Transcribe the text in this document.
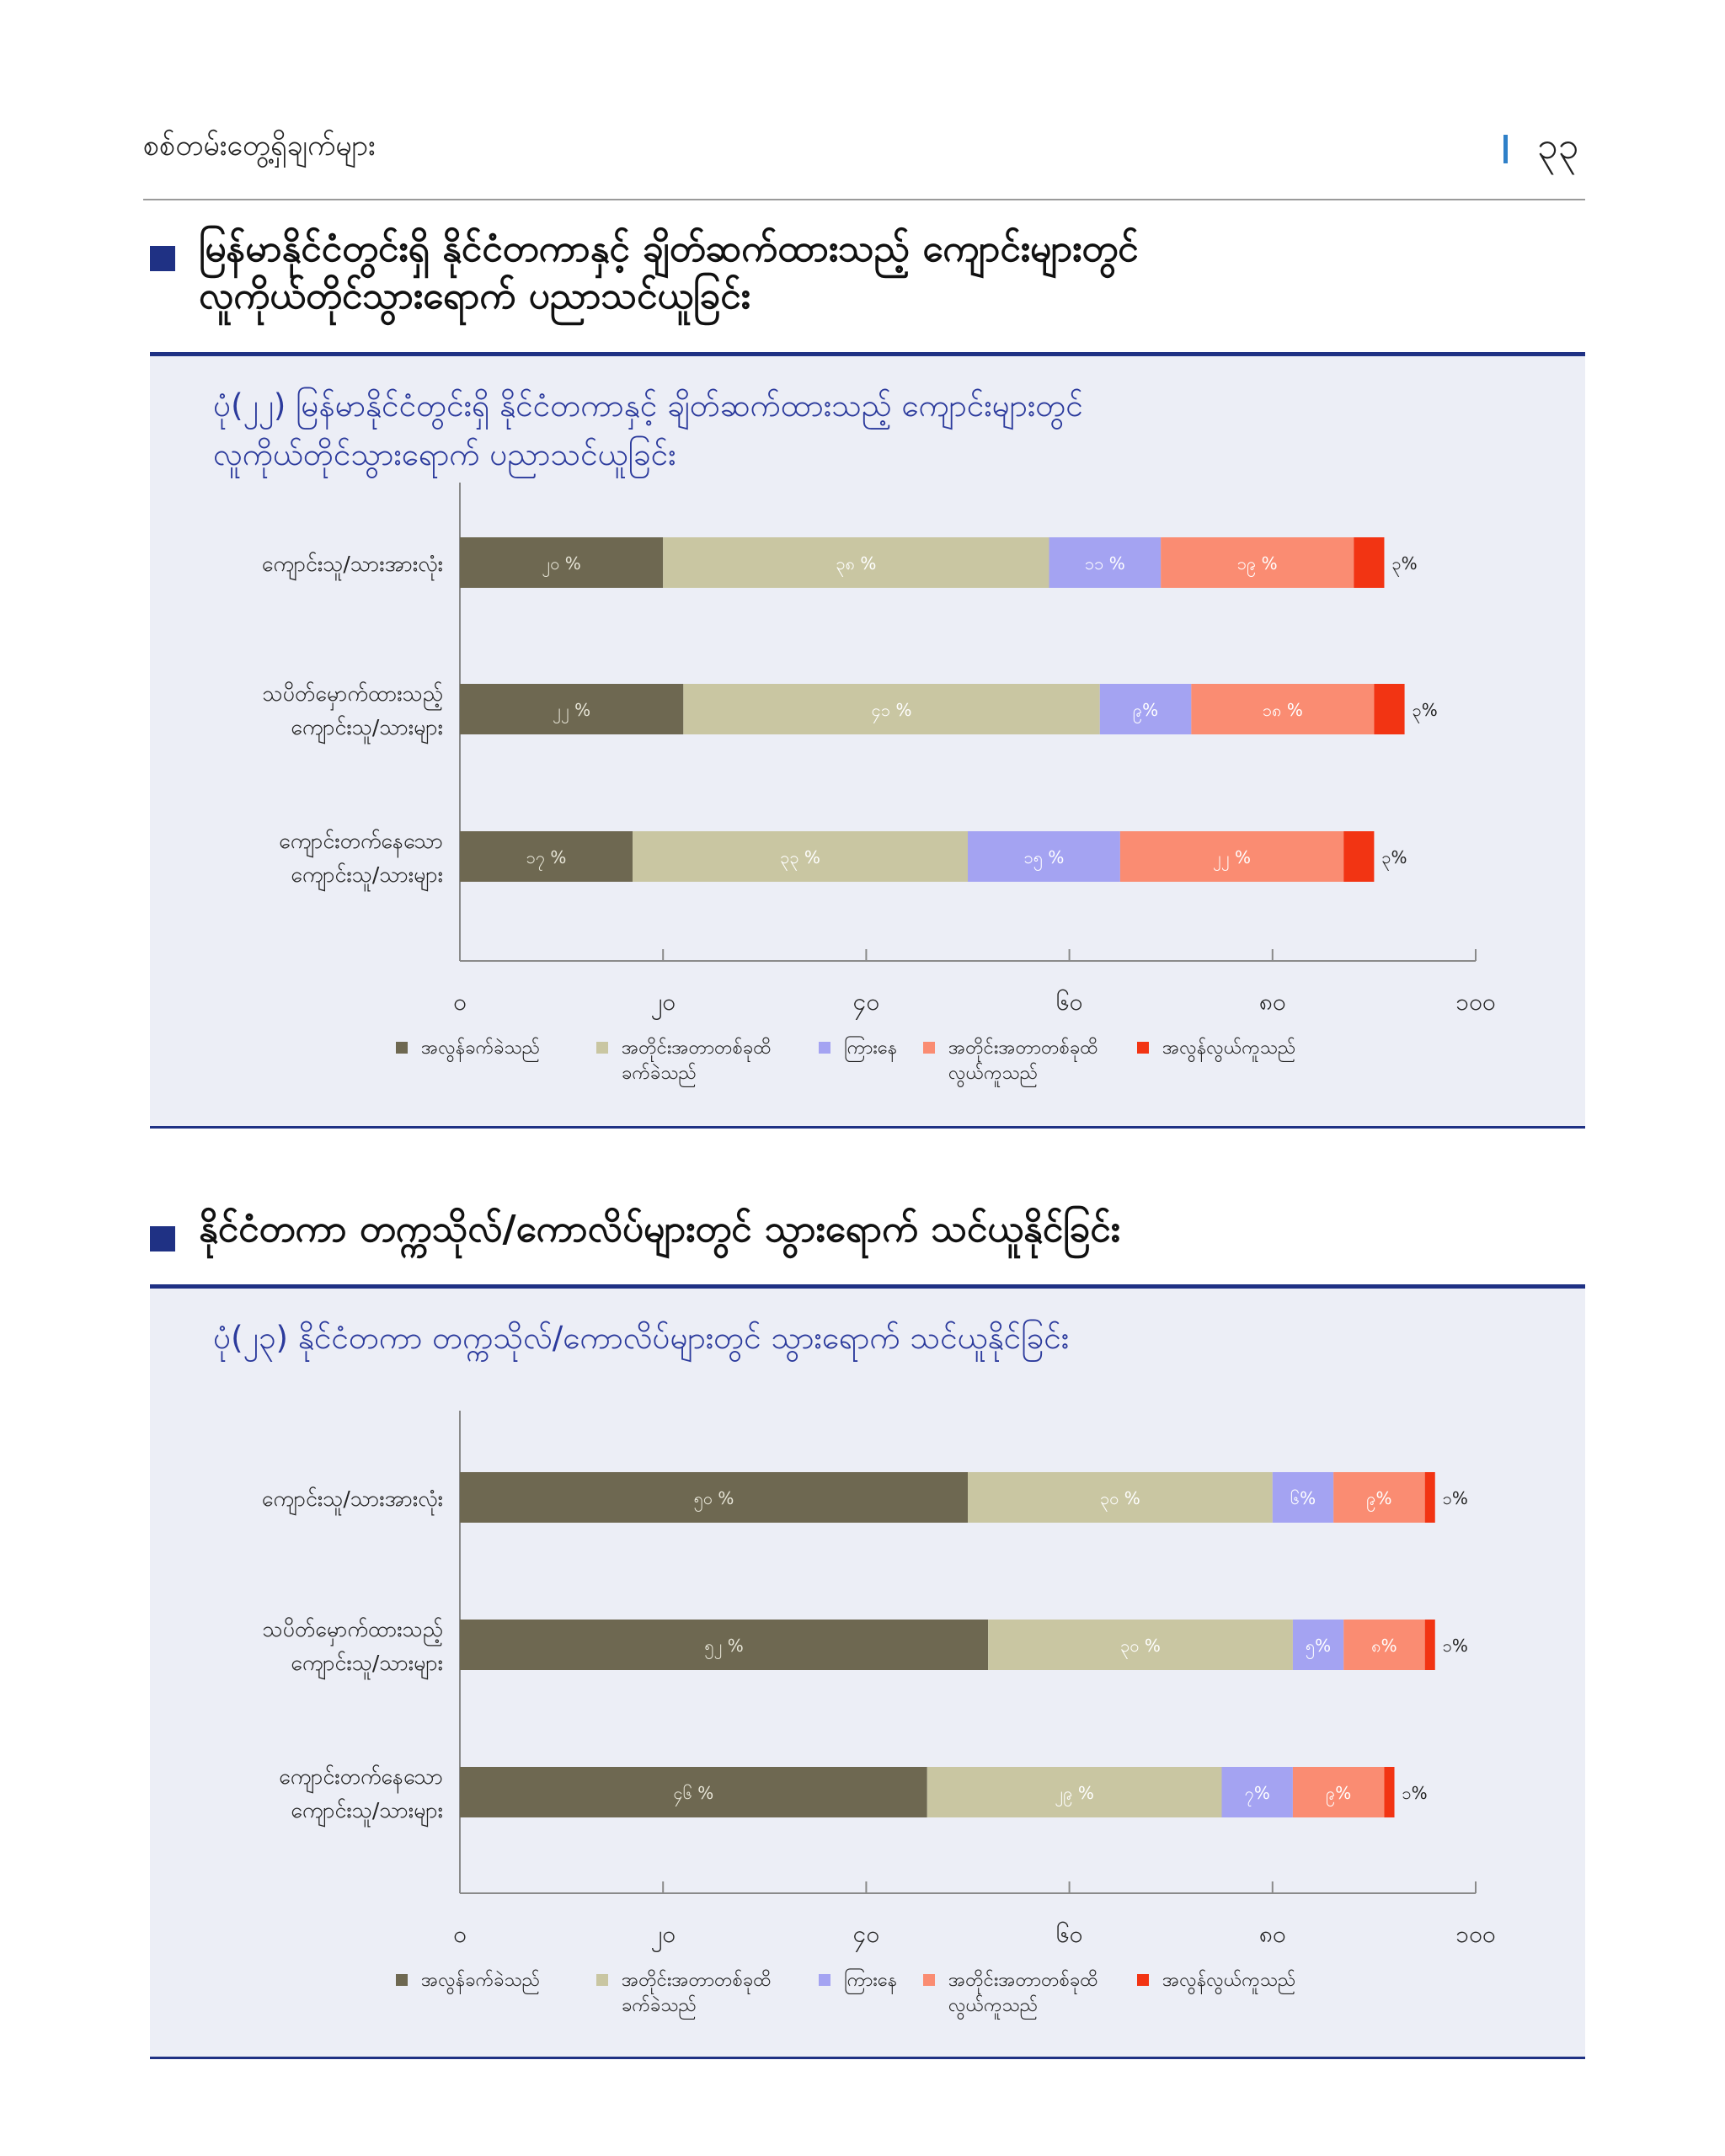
စစ်တမ်းတွေ့ရှိချက်များ	၃၃
မြန်မာနိုင်ငံတွင်းရှိ နိုင်ငံတကာနှင့် ချိတ်ဆက်ထားသည့် ကျောင်းများတွင်
လူကိုယ်တိုင်သွားရောက် ပညာသင်ယူခြင်း
ပုံ(၂၂) မြန်မာနိုင်ငံတွင်းရှိ နိုင်ငံတကာနှင့် ချိတ်ဆက်ထားသည့် ကျောင်းများတွင်
လူကိုယ်တိုင်သွားရောက် ပညာသင်ယူခြင်း
၀	၂၀	၄၀	၆၀	၈၀	၁၀၀
ကျောင်းသူ/သားအားလုံး	၂၀ %	၃၈ %	၁၁ %	၁၉ %	၃%
သပိတ်မှောက်ထားသည့်
ကျောင်းသူ/သားများ
၂၂ %	၄၁ %	၉%	၁၈ %	၃%
ကျောင်းတက်နေသော
ကျောင်းသူ/သားများ
၁၇ %	၃၃ %	၁၅ %	၂၂ %	၃%
အလွန်ခက်ခဲသည်	အတိုင်းအတာတစ်ခုထိ
ခက်ခဲသည်
ကြားနေ	အတိုင်းအတာတစ်ခုထိ
လွယ်ကူသည်
အလွန်လွယ်ကူသည်
နိုင်ငံတကာ တက္ကသိုလ်/ကောလိပ်များတွင် သွားရောက် သင်ယူနိုင်ခြင်း
ပုံ(၂၃) နိုင်ငံတကာ တက္ကသိုလ်/ကောလိပ်များတွင် သွားရောက် သင်ယူနိုင်ခြင်း
၀	၂၀	၄၀	၆၀	၈၀	၁၀၀
ကျောင်းသူ/သားအားလုံး	၅၀ %	၃၀ %	၆%	၉%	၁%
သပိတ်မှောက်ထားသည့်
ကျောင်းသူ/သားများ
၅၂ %	၃၀ %	၅% ၈%	၁%
ကျောင်းတက်နေသော
ကျောင်းသူ/သားများ
၄၆ %	၂၉ %	၇%	၉%	၁%
အလွန်ခက်ခဲသည်	အတိုင်းအတာတစ်ခုထိ
ခက်ခဲသည်
ကြားနေ	အတိုင်းအတာတစ်ခုထိ
လွယ်ကူသည်
အလွန်လွယ်ကူသည်
